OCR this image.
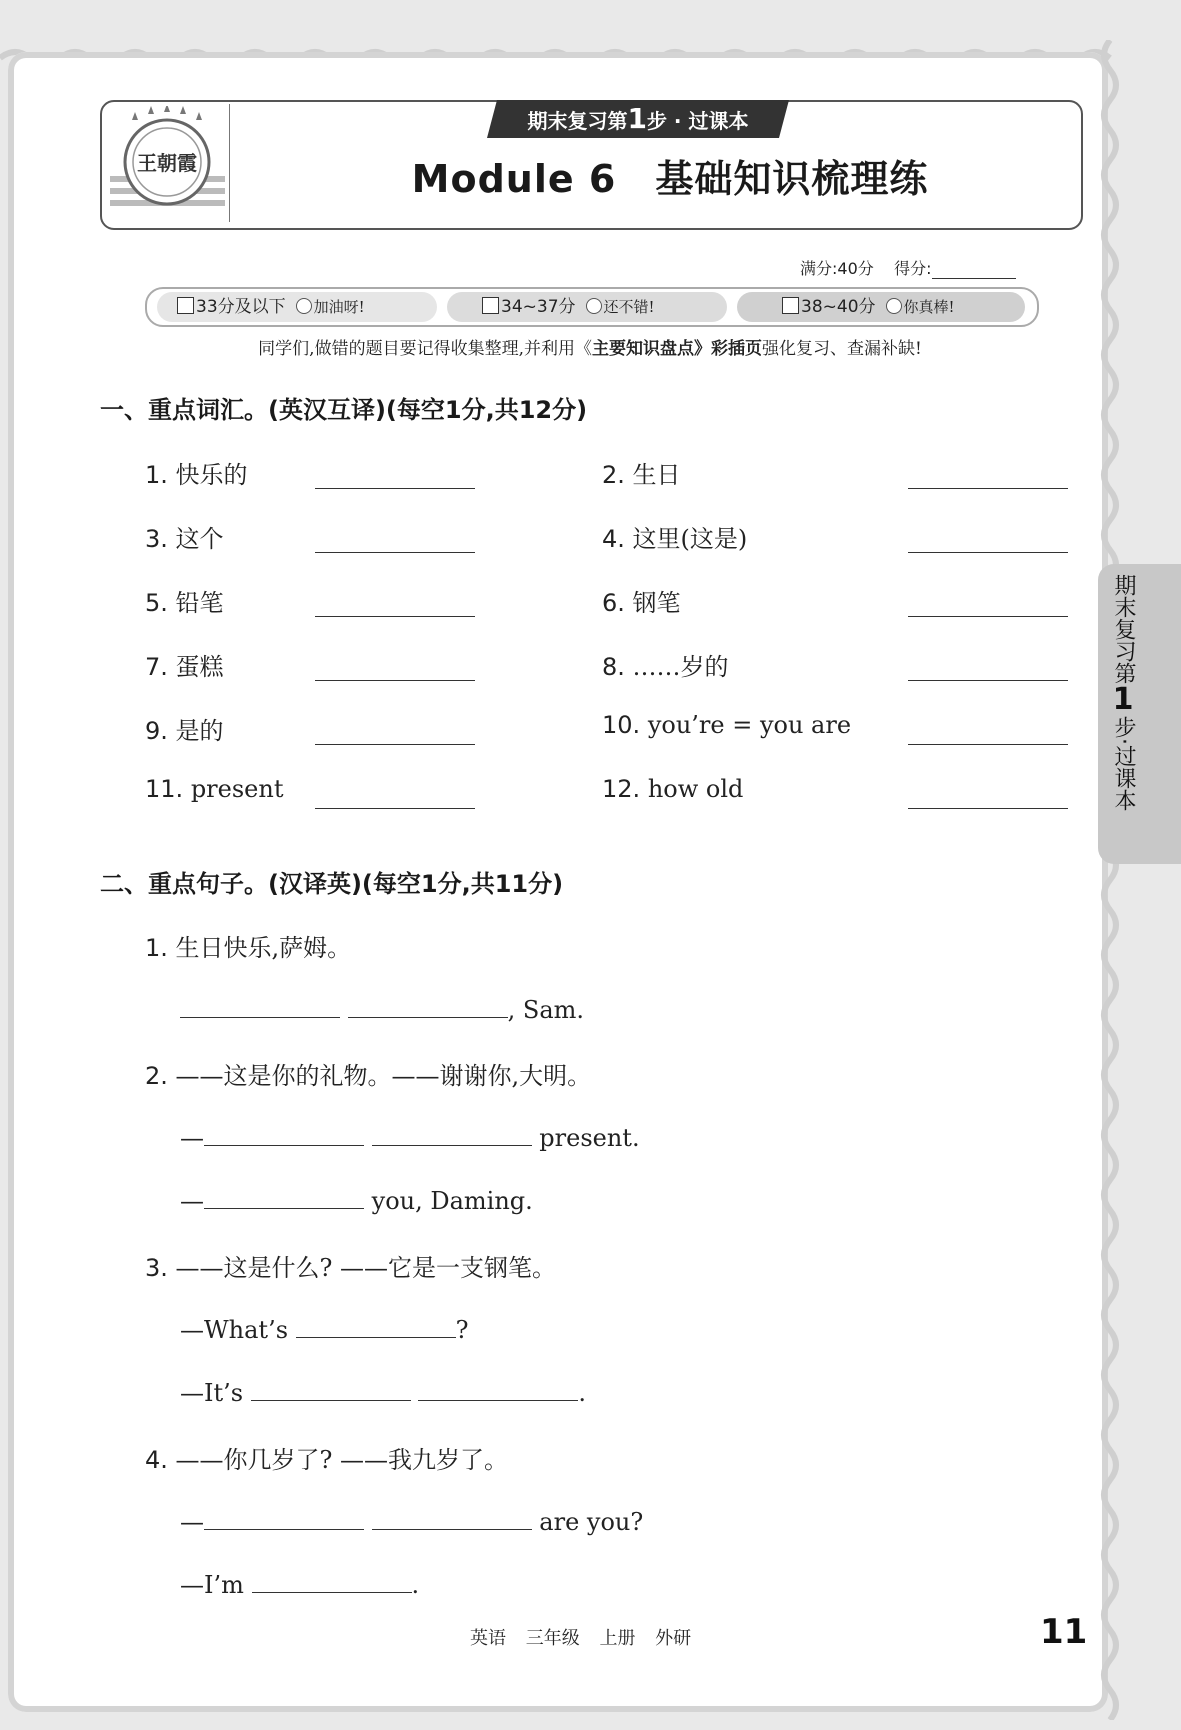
王朝霞
期末复习第1步 · 过课本
Module 6　基础知识梳理练
满分:40分 得分:
33分及以下 加油呀!	34~37分 还不错!	38~40分 你真棒!
同学们,做错的题目要记得收集整理,并利用《主要知识盘点》彩插页强化复习、查漏补缺!
一、重点词汇。(英汉互译)(每空1分,共12分)
1. 快乐的	2. 生日
3. 这个	4. 这里(这是)
5. 铅笔	6. 钢笔
7. 蛋糕	8. ……岁的
9. 是的	10. you’re = you are
11. present	12. how old
二、重点句子。(汉译英)(每空1分,共11分)
1. 生日快乐,萨姆。
, Sam.
2. ——这是你的礼物。——谢谢你,大明。
—	present.
—	you, Daming.
3. ——这是什么? ——它是一支钢笔。
—What’s	?
—It’s	.
4. ——你几岁了? ——我九岁了。
—	are you?
—I’m	.
期末复习第
1
步·过课本
英语 三年级 上册 外研	11
